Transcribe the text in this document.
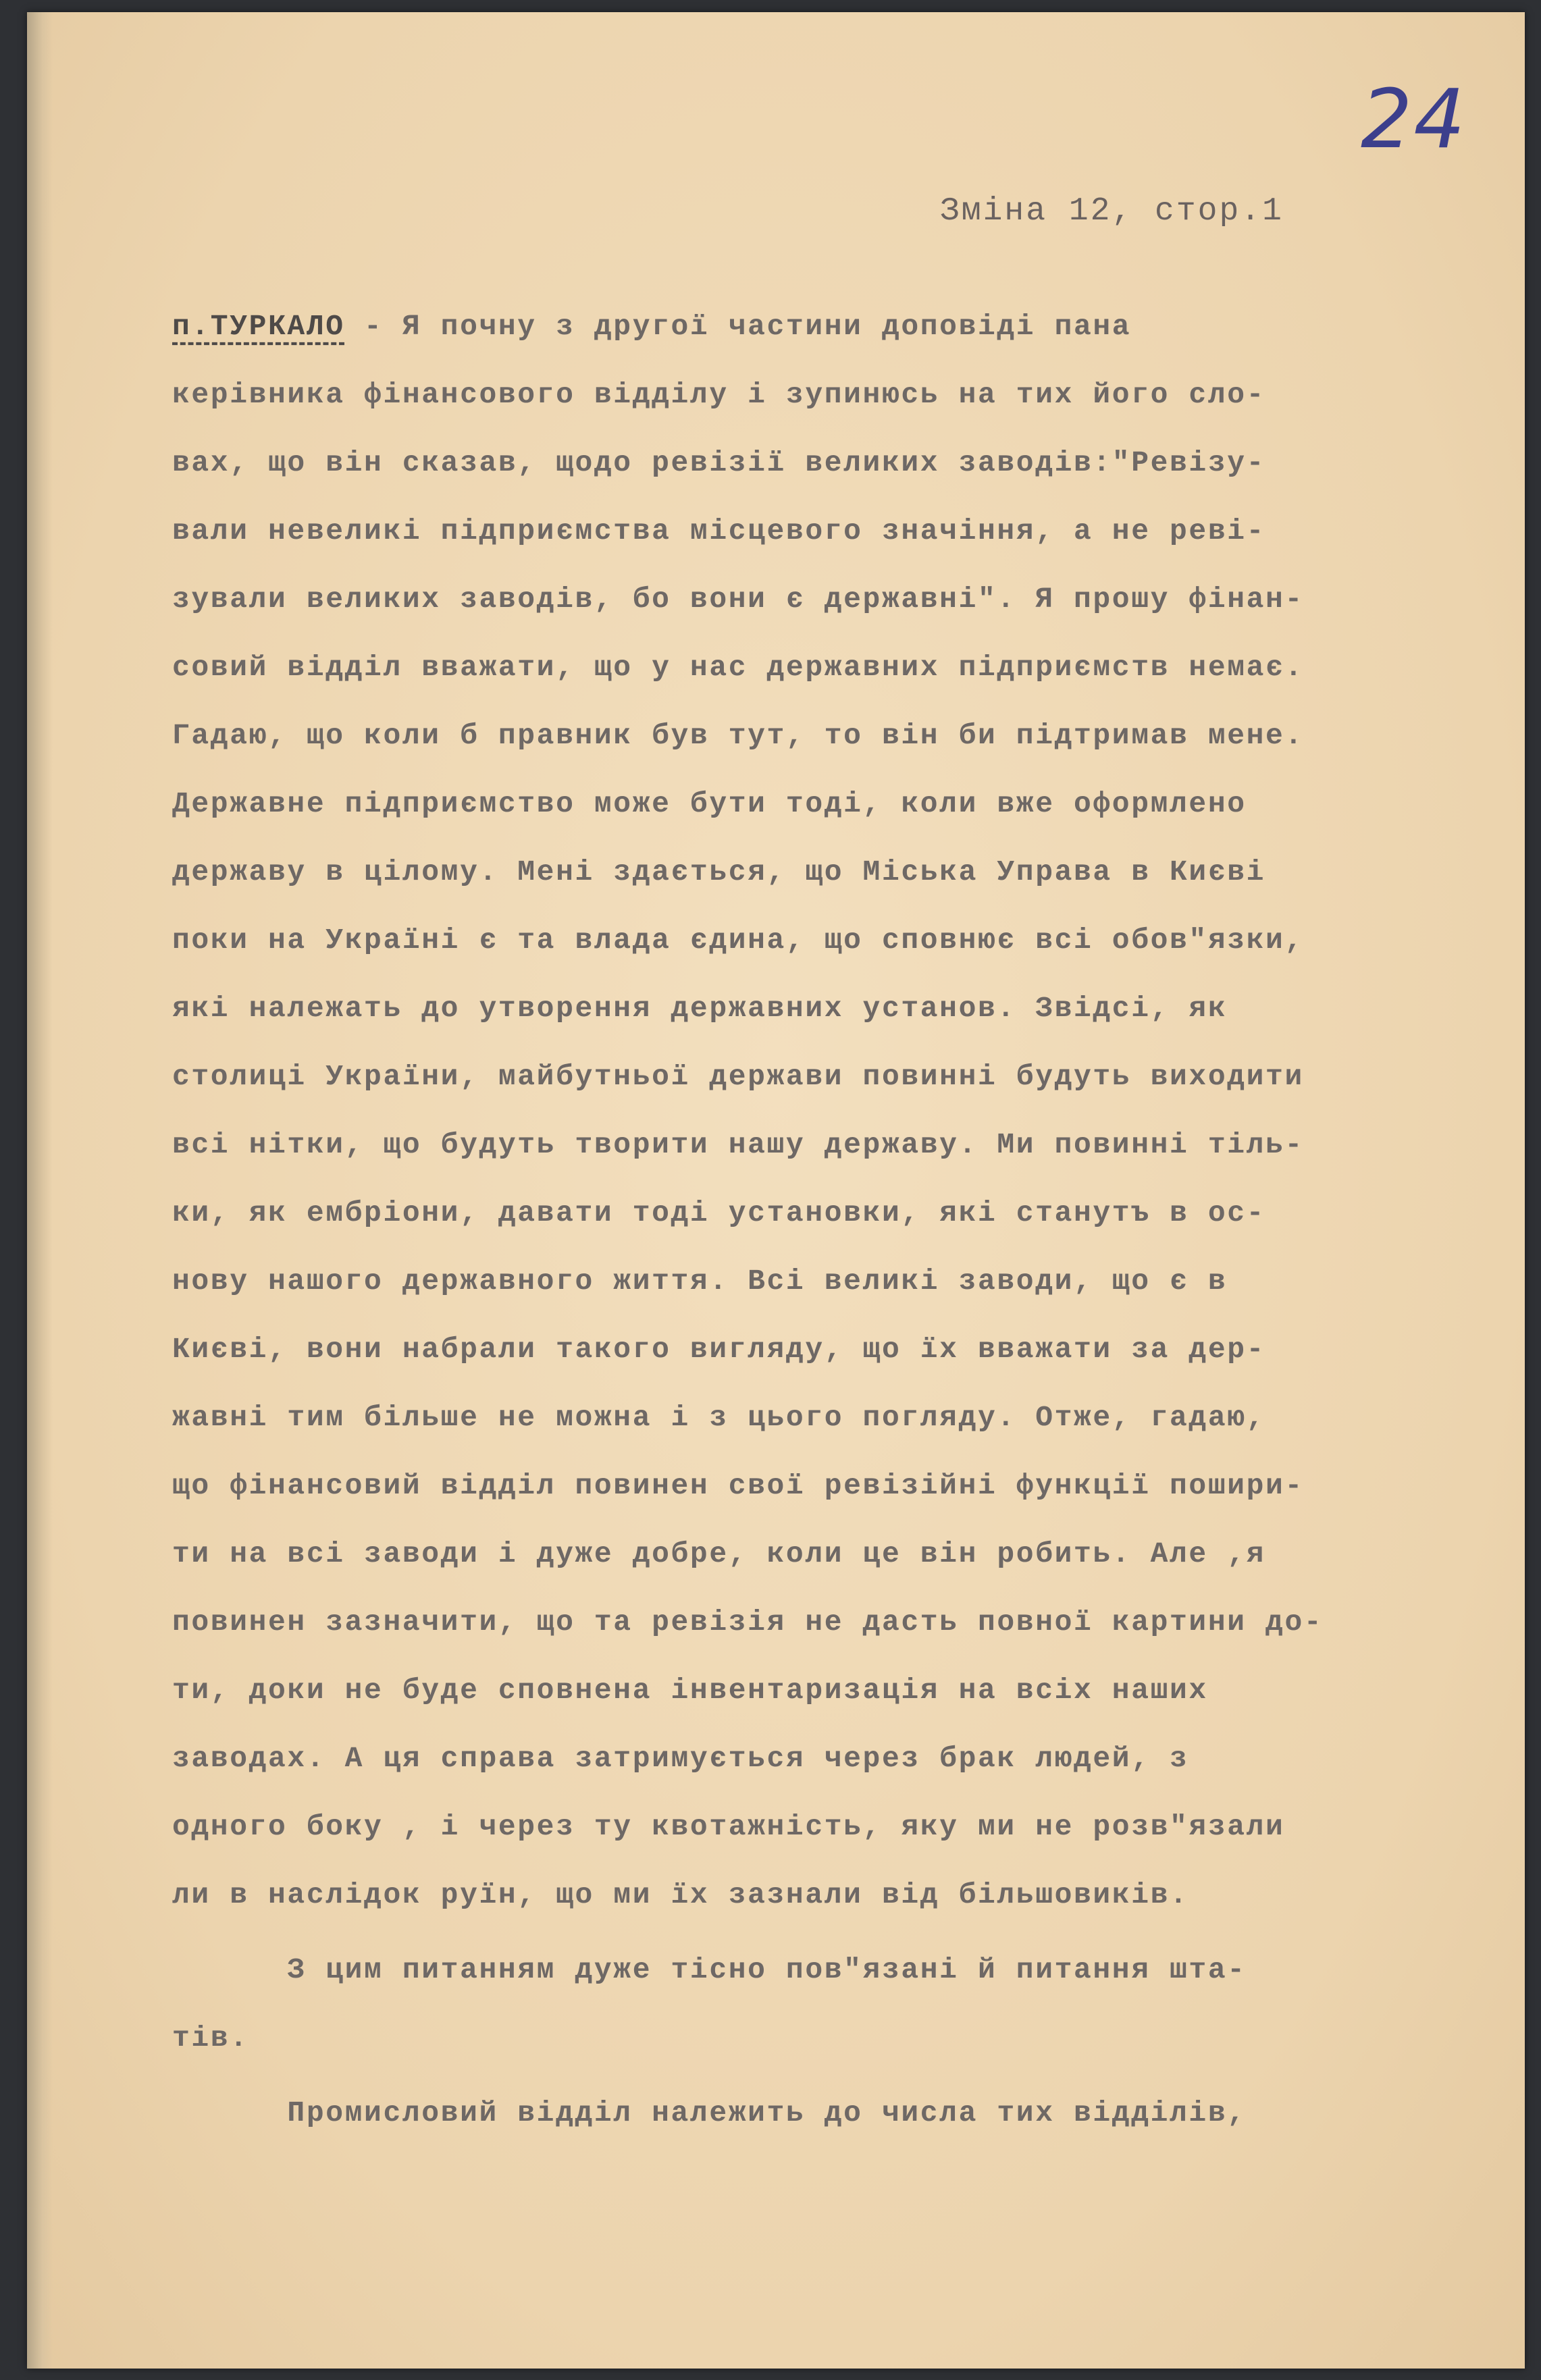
24
Зміна 12, стор.1
п.ТУРКАЛО - Я почну з другої частини доповіді пана
керівника фінансового відділу і зупинюсь на тих його сло-
вах, що він сказав, щодо ревізії великих заводів:"Ревізу-
вали невеликі підприємства місцевого значіння, а не ревi-
зували великих заводів, бо вони є державні". Я прошу фінан-
совий відділ вважати, що у нас державних підприємств немає.
Гадаю, що коли б правник був тут, то він би підтримав мене.
Державне підприємство може бути тоді, коли вже оформлено
державу в цілому. Мені здається, що Міська Управа в Києві
поки на Україні є та влада єдина, що сповнює всі обов"язки,
які належать до утворення державних установ. Звідсі, як
столиці України, майбутньої держави повинні будуть виходити
всі нітки, що будуть творити нашу державу. Ми повинні тіль-
ки, як ембріони, давати тоді установки, які станутъ в ос-
нову нашого державного життя. Всі великі заводи, що є в
Києві, вони набрали такого вигляду, що їх вважати за дер-
жавні тим більше не можна і з цього погляду. Отже, гадаю,
що фінансовий відділ повинен свої ревізійні функції пошири-
ти на всі заводи і дуже добре, коли це він робить. Але ,я
повинен зазначити, що та ревізія не дасть повної картини до-
ти, доки не буде сповнена інвентаризація на всіх наших
заводах. А ця справа затримується через брак людей, з
одного боку , і через ту квотажність, яку ми не розв"язали
ли в наслідок руїн, що ми їх зазнали від більшовиків.
З цим питанням дуже тісно пов"язані й питання шта-
тів.
Промисловий відділ належить до числа тих відділів,
